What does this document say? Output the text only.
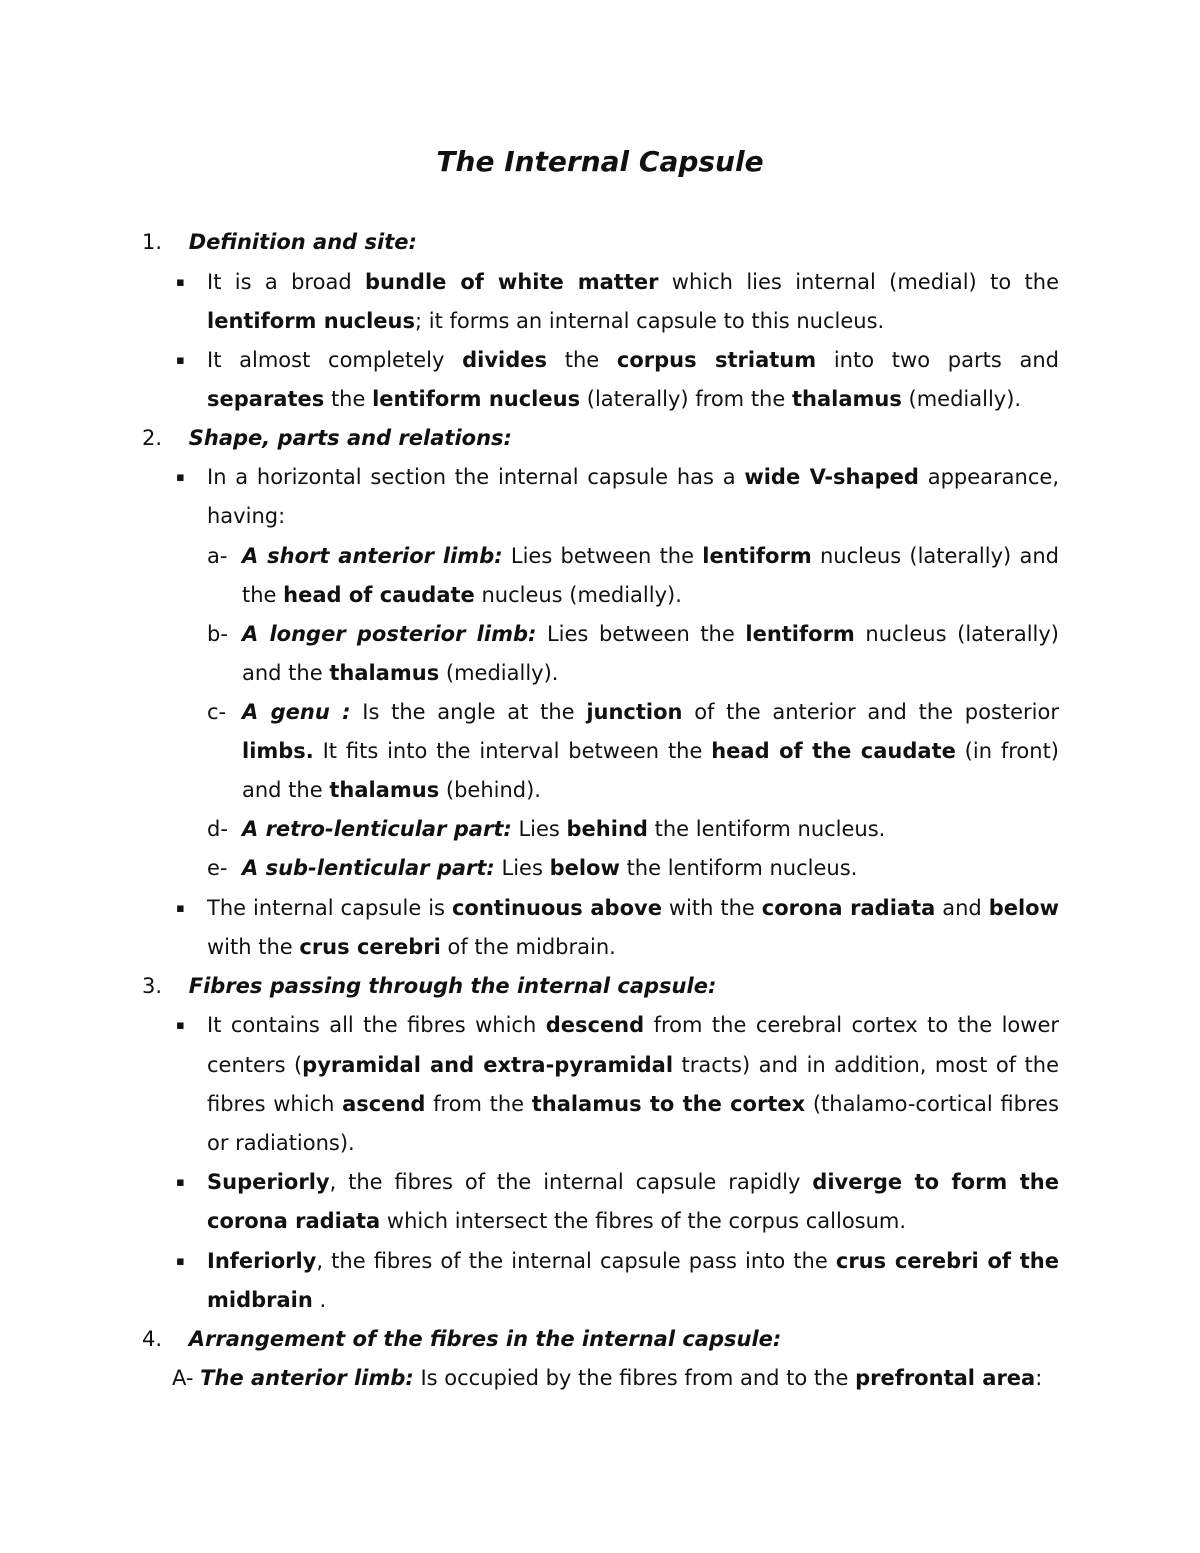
The Internal Capsule
1. Definition and site:
▪
It is a broad bundle of white matter which lies internal (medial) to the
lentiform nucleus; it forms an internal capsule to this nucleus.
▪
It almost completely divides the corpus striatum into two parts and
separates the lentiform nucleus (laterally) from the thalamus (medially).
2. Shape, parts and relations:
▪
In a horizontal section the internal capsule has a wide V-shaped appearance,
having:
a- A short anterior limb: Lies between the lentiform nucleus (laterally) and
the head of caudate nucleus (medially).
b- A longer posterior limb: Lies between the lentiform nucleus (laterally)
and the thalamus (medially).
c- A genu : Is the angle at the junction of the anterior and the posterior
limbs. It fits into the interval between the head of the caudate (in front)
and the thalamus (behind).
d- A retro-lenticular part: Lies behind the lentiform nucleus.
e- A sub-lenticular part: Lies below the lentiform nucleus.
▪
The internal capsule is continuous above with the corona radiata and below
with the crus cerebri of the midbrain.
3. Fibres passing through the internal capsule:
▪
It contains all the fibres which descend from the cerebral cortex to the lower
centers (pyramidal and extra-pyramidal tracts) and in addition, most of the
fibres which ascend from the thalamus to the cortex (thalamo-cortical fibres
or radiations).
▪
Superiorly, the fibres of the internal capsule rapidly diverge to form the
corona radiata which intersect the fibres of the corpus callosum.
▪
Inferiorly, the fibres of the internal capsule pass into the crus cerebri of the
midbrain .
4. Arrangement of the fibres in the internal capsule:
A- The anterior limb: Is occupied by the fibres from and to the prefrontal area:
